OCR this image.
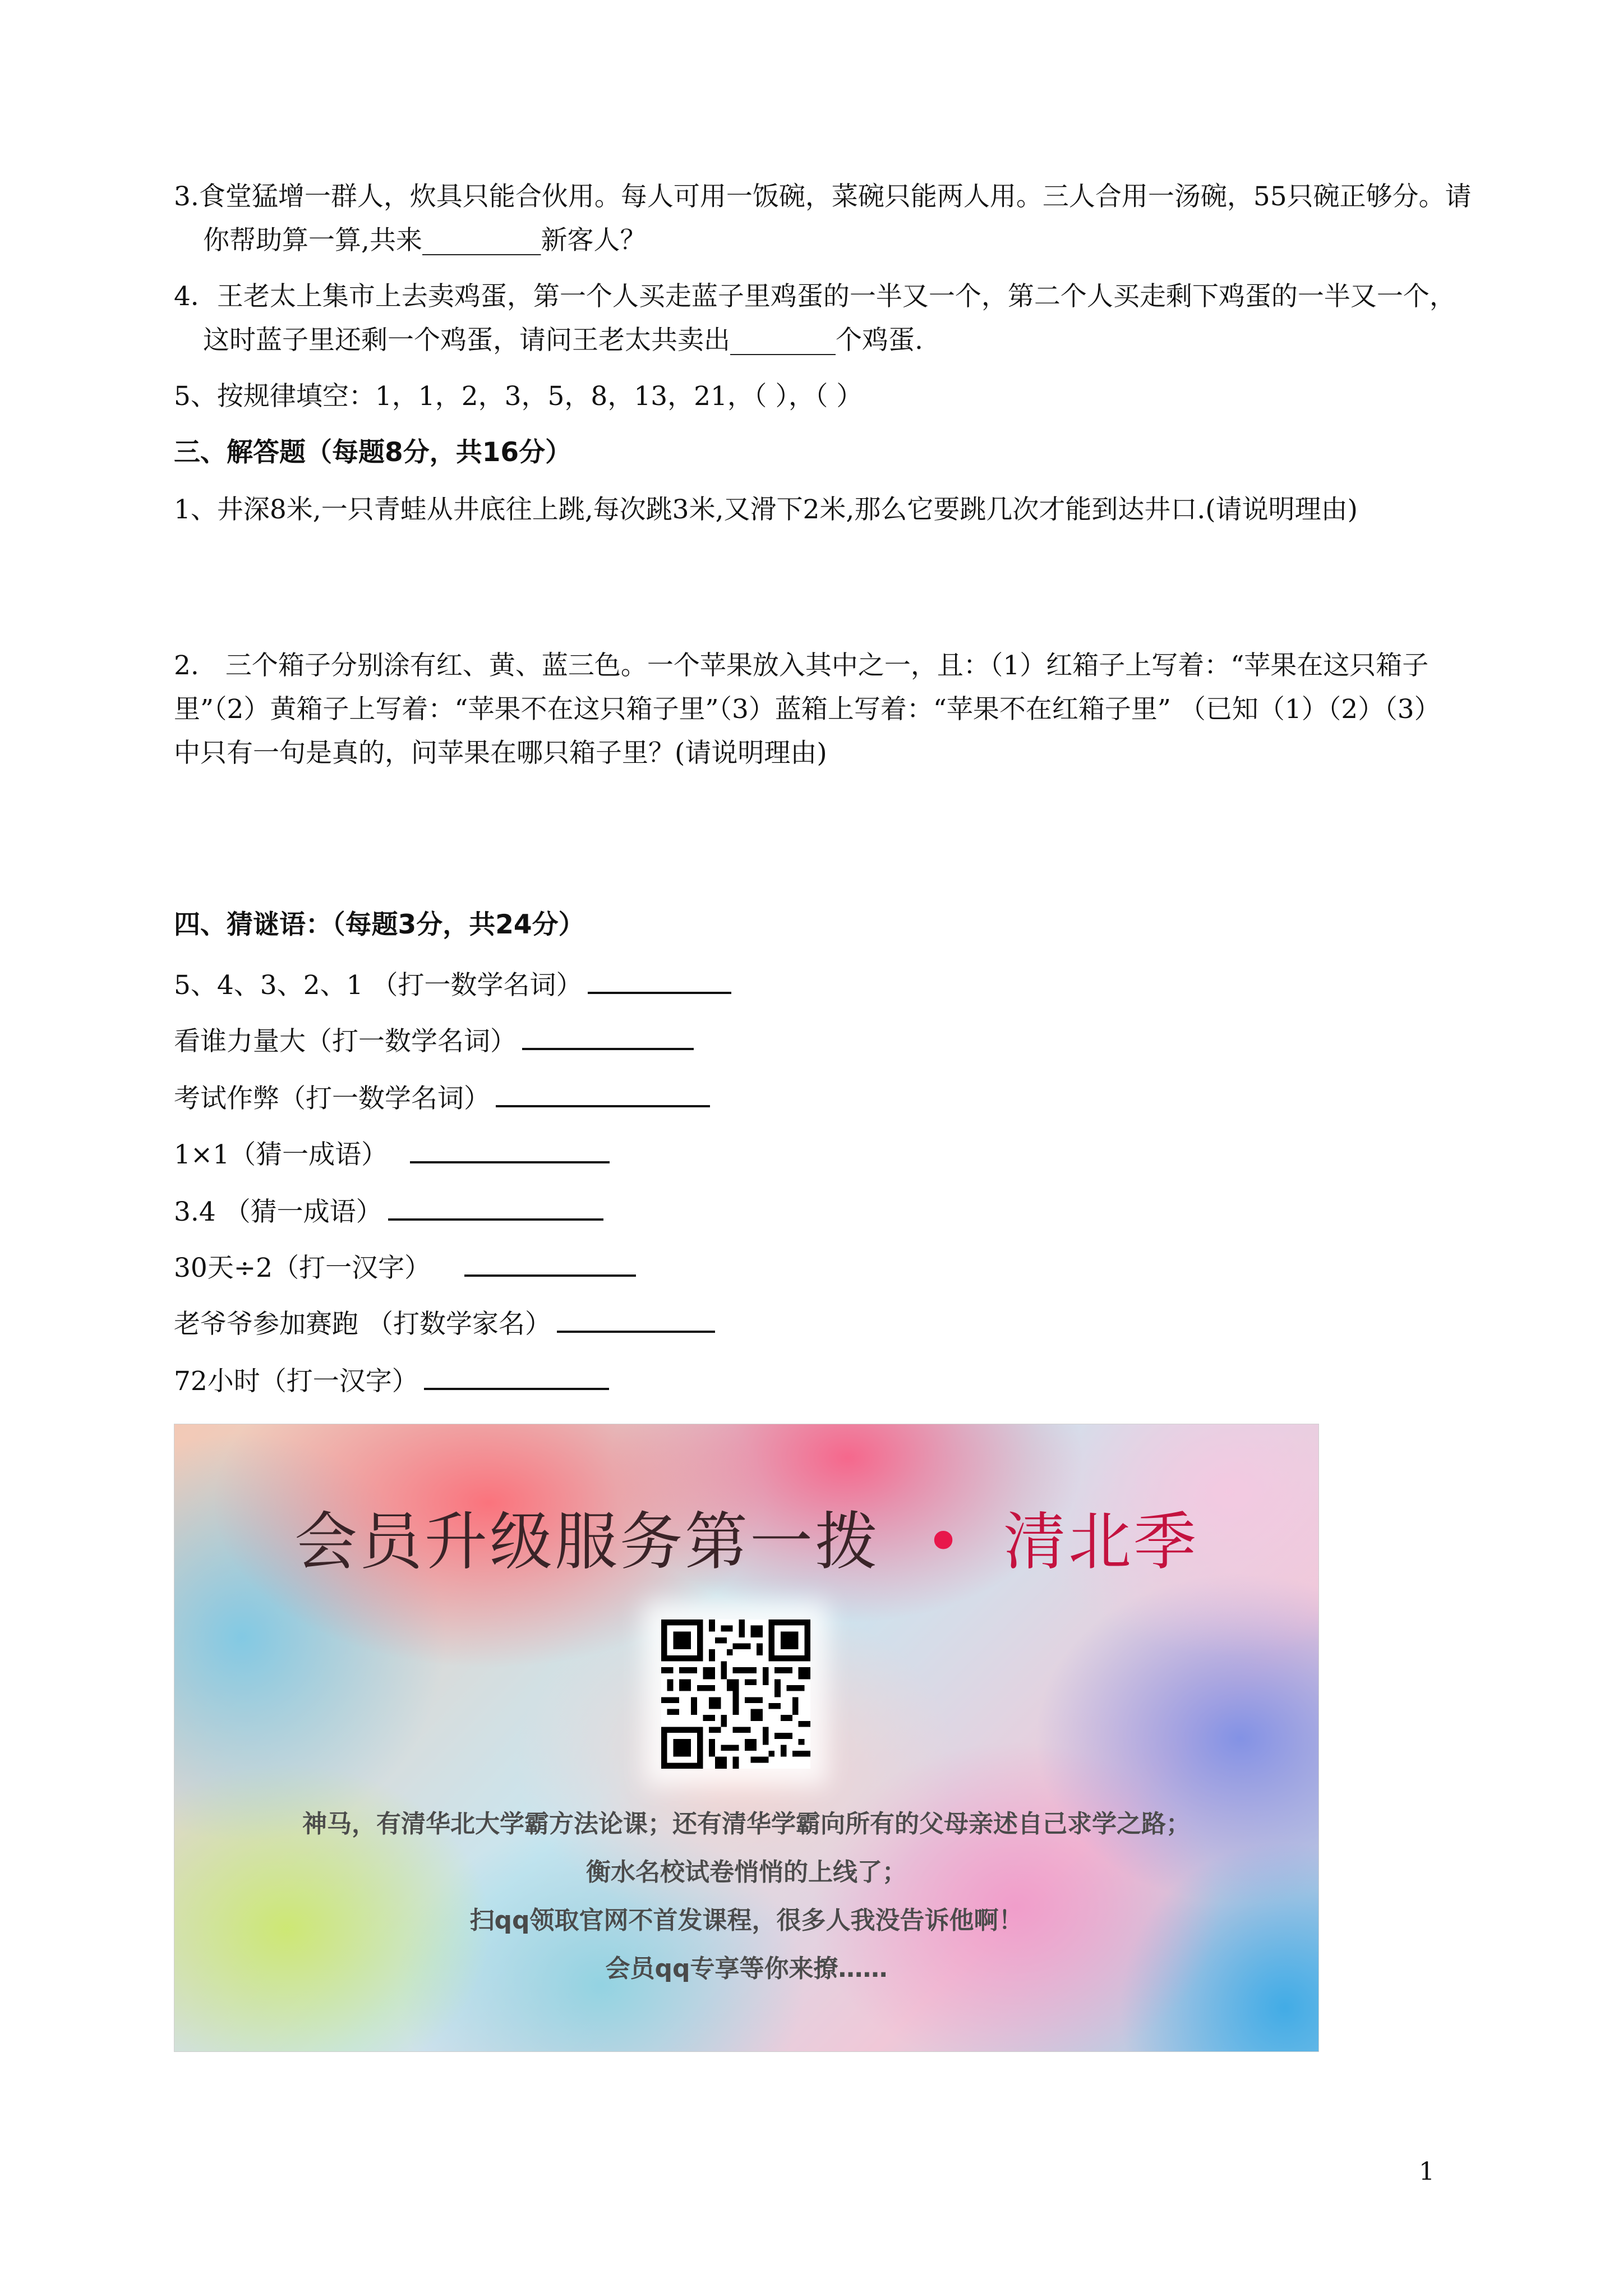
3.食堂猛增一群人，炊具只能合伙用。每人可用一饭碗，菜碗只能两人用。三人合用一汤碗，55只碗正够分。请你帮助算一算,共来_________新客人？

4．王老太上集市上去卖鸡蛋，第一个人买走蓝子里鸡蛋的一半又一个，第二个人买走剩下鸡蛋的一半又一个，这时蓝子里还剩一个鸡蛋，请问王老太共卖出________个鸡蛋.

5、按规律填空：1，1，2，3，5，8，13，21，（ ），（ ）

三、解答题（每题8分，共16分）

1、井深8米,一只青蛙从井底往上跳,每次跳3米,又滑下2米,那么它要跳几次才能到达井口.(请说明理由)

2.　三个箱子分别涂有红、黄、蓝三色。一个苹果放入其中之一，且：（1）红箱子上写着：“苹果在这只箱子里”（2）黄箱子上写着：“苹果不在这只箱子里”（3）蓝箱上写着：“苹果不在红箱子里” （已知（1）（2）（3）中只有一句是真的，问苹果在哪只箱子里？(请说明理由)

四、猜谜语：（每题3分，共24分）

5、4、3、2、1 （打一数学名词）
看谁力量大（打一数学名词）
考试作弊（打一数学名词）
1×1（猜一成语）
3.4 （猜一成语）
30天÷2（打一汉字）
老爷爷参加赛跑 （打数学家名）
72小时（打一汉字）
会员升级服务第一拨 • 清北季
神马，有清华北大学霸方法论课；还有清华学霸向所有的父母亲述自己求学之路；
衡水名校试卷悄悄的上线了；
扫qq领取官网不首发课程，很多人我没告诉他啊！
会员qq专享等你来撩……
1
